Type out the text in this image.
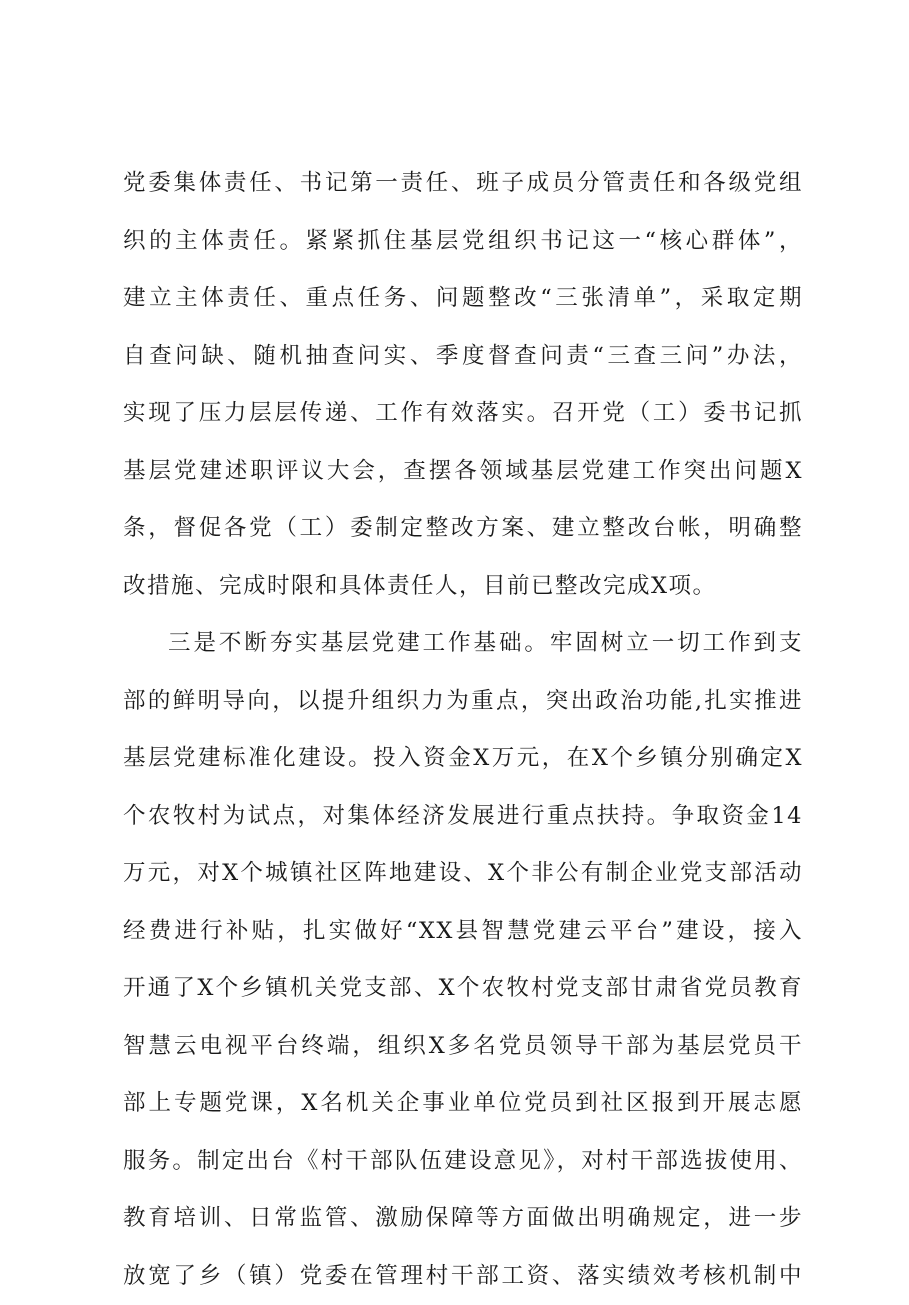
党委集体责任、书记第一责任、班子成员分管责任和各级党组
织的主体责任。紧紧抓住基层党组织书记这一“核心群体”，
建立主体责任、重点任务、问题整改“三张清单”，采取定期
自查问缺、随机抽查问实、季度督查问责“三查三问”办法，
实现了压力层层传递、工作有效落实。召开党（工）委书记抓
基层党建述职评议大会，查摆各领域基层党建工作突出问题X
条，督促各党（工）委制定整改方案、建立整改台帐，明确整
改措施、完成时限和具体责任人，目前已整改完成X项。
三是不断夯实基层党建工作基础。牢固树立一切工作到支
部的鲜明导向，以提升组织力为重点，突出政治功能,扎实推进
基层党建标准化建设。投入资金X万元，在X个乡镇分别确定X
个农牧村为试点，对集体经济发展进行重点扶持。争取资金14
万元，对X个城镇社区阵地建设、X个非公有制企业党支部活动
经费进行补贴，扎实做好“XX县智慧党建云平台”建设，接入
开通了X个乡镇机关党支部、X个农牧村党支部甘肃省党员教育
智慧云电视平台终端，组织X多名党员领导干部为基层党员干
部上专题党课，X名机关企事业单位党员到社区报到开展志愿
服务。制定出台《村干部队伍建设意见》，对村干部选拔使用、
教育培训、日常监管、激励保障等方面做出明确规定，进一步
放宽了乡（镇）党委在管理村干部工资、落实绩效考核机制中
